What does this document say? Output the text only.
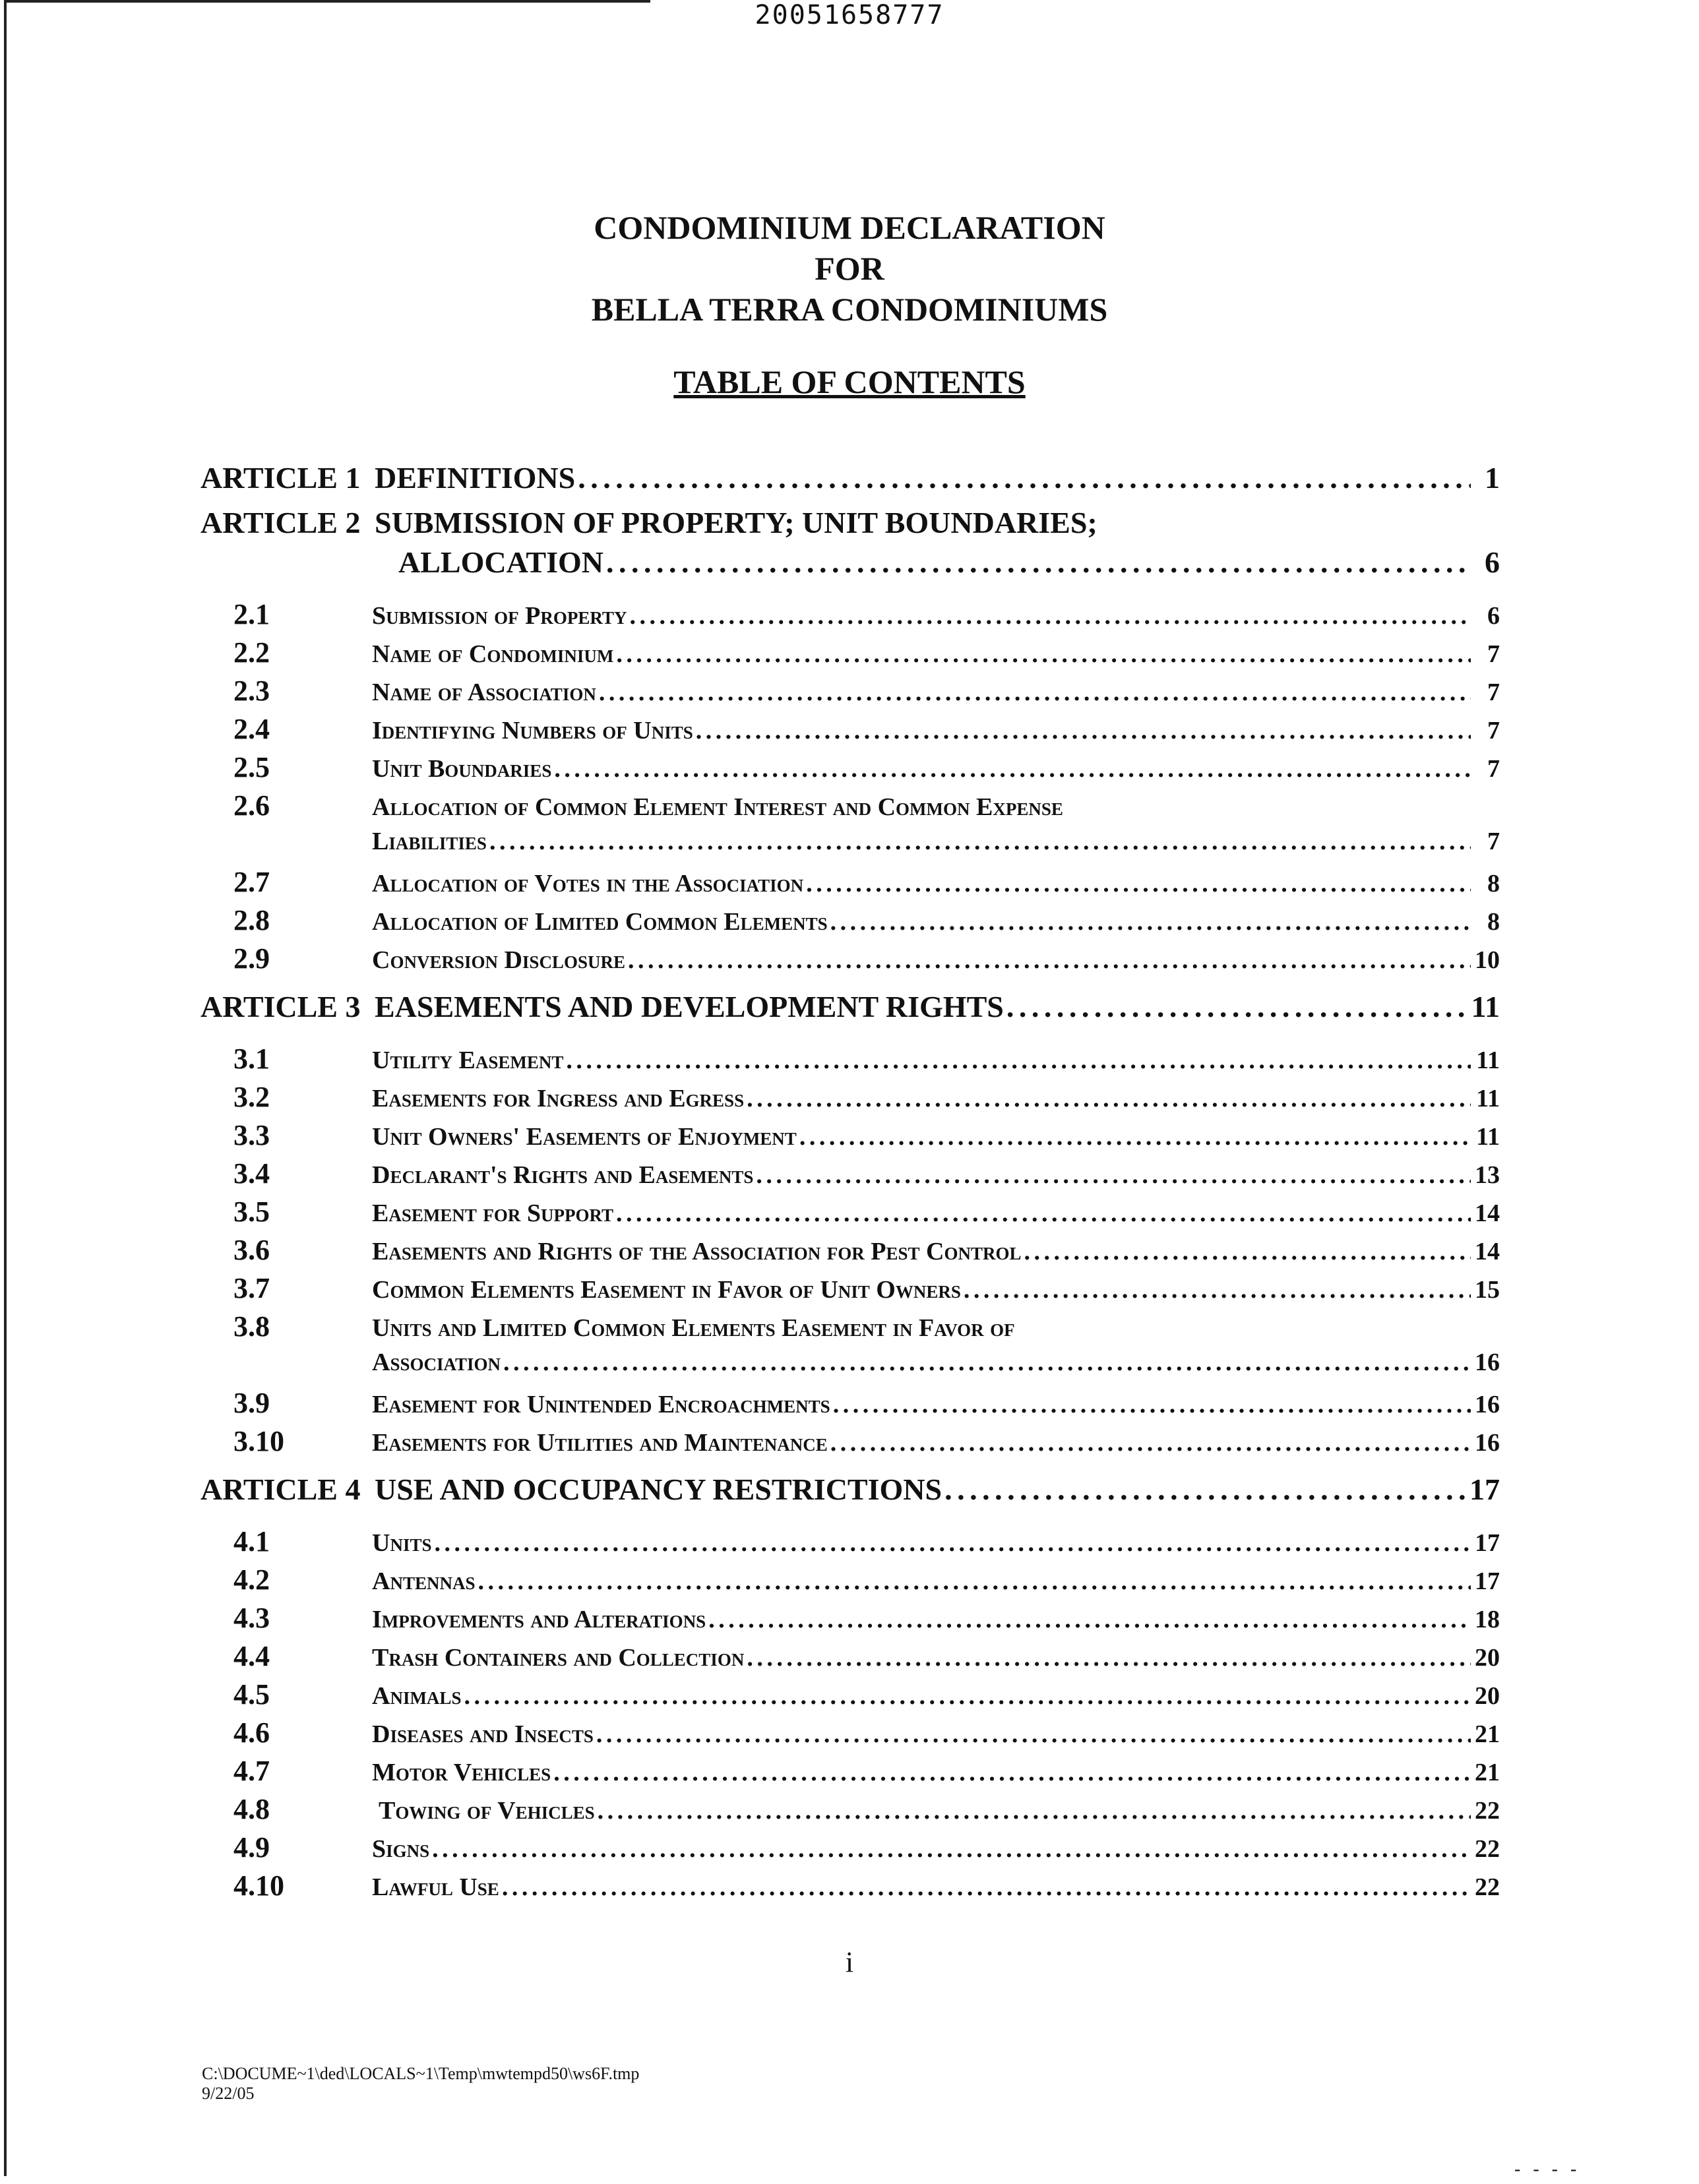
20051658777
CONDOMINIUM DECLARATION
FOR
BELLA TERRA CONDOMINIUMS
TABLE OF CONTENTS
ARTICLE 1 DEFINITIONS . . .	1
ARTICLE 2 SUBMISSION OF PROPERTY; UNIT BOUNDARIES;
ALLOCATION . . .	6
2.1	Submission of Property . . .	6
2.2	Name of Condominium . . .	7
2.3	Name of Association . . .	7
2.4	Identifying Numbers of Units . . .	7
2.5	Unit Boundaries . . .	7
2.6	Allocation of Common Element Interest and Common Expense
Liabilities . . .	7
2.7	Allocation of Votes in the Association . . .	8
2.8	Allocation of Limited Common Elements . . .	8
2.9	Conversion Disclosure . . .	10
ARTICLE 3 EASEMENTS AND DEVELOPMENT RIGHTS . . .	11
3.1	Utility Easement . . .	11
3.2	Easements for Ingress and Egress . . .	11
3.3	Unit Owners' Easements of Enjoyment . . .	11
3.4	Declarant's Rights and Easements . . .	13
3.5	Easement for Support . . .	14
3.6	Easements and Rights of the Association for Pest Control . . .	14
3.7	Common Elements Easement in Favor of Unit Owners . . .	15
3.8	Units and Limited Common Elements Easement in Favor of
Association . . .	16
3.9	Easement for Unintended Encroachments . . .	16
3.10	Easements for Utilities and Maintenance . . .	16
ARTICLE 4 USE AND OCCUPANCY RESTRICTIONS . . .	17
4.1	Units . . .	17
4.2	Antennas . . .	17
4.3	Improvements and Alterations . . .	18
4.4	Trash Containers and Collection . . .	20
4.5	Animals . . .	20
4.6	Diseases and Insects . . .	21
4.7	Motor Vehicles . . .	21
4.8	Towing of Vehicles . . .	22
4.9	Signs . . .	22
4.10	Lawful Use . . .	22
i
C:\DOCUME~1\ded\LOCALS~1\Temp\mwtempd50\ws6F.tmp
9/22/05
- - - -
